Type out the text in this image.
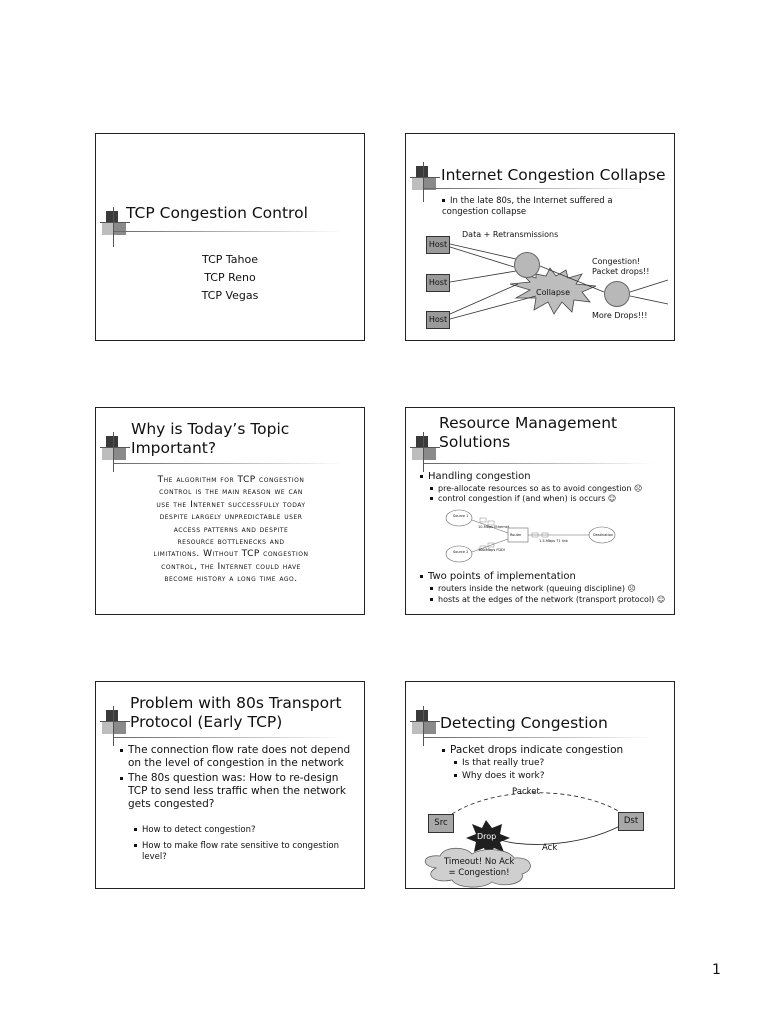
TCP Congestion Control
TCP Tahoe
TCP Reno
TCP Vegas
Internet Congestion Collapse
In the late 80s, the Internet suffered a congestion collapse
Data + Retransmissions
Host
Host
Host
Congestion!
Packet drops!!
Collapse
More Drops!!!
Why is Today’s Topic
Important?
The algorithm for TCP congestion
control is the main reason we can
use the Internet successfully today
despite largely unpredictable user
access patterns and despite
resource bottlenecks and
limitations. Without TCP congestion
control, the Internet could have
become history a long time ago.
Resource Management
Solutions
Handling congestion
pre-allocate resources so as to avoid congestion ☹
control congestion if (and when) is occurs ☺
Source 1
Source 2
10-Mbps Ethernet
100-Mbps FDDI
Router
1.5-Mbps T1 link
Destination
Two points of implementation
routers inside the network (queuing discipline) ☹
hosts at the edges of the network (transport protocol) ☺
Problem with 80s Transport
Protocol (Early TCP)
The connection flow rate does not depend
on the level of congestion in the network
The 80s question was: How to re-design
TCP to send less traffic when the network
gets congested?
How to detect congestion?
How to make flow rate sensitive to congestion
level?
Detecting Congestion
Packet drops indicate congestion
Is that really true?
Why does it work?
Packet
Src	Dst
Drop
Ack
Timeout! No Ack
= Congestion!
1
